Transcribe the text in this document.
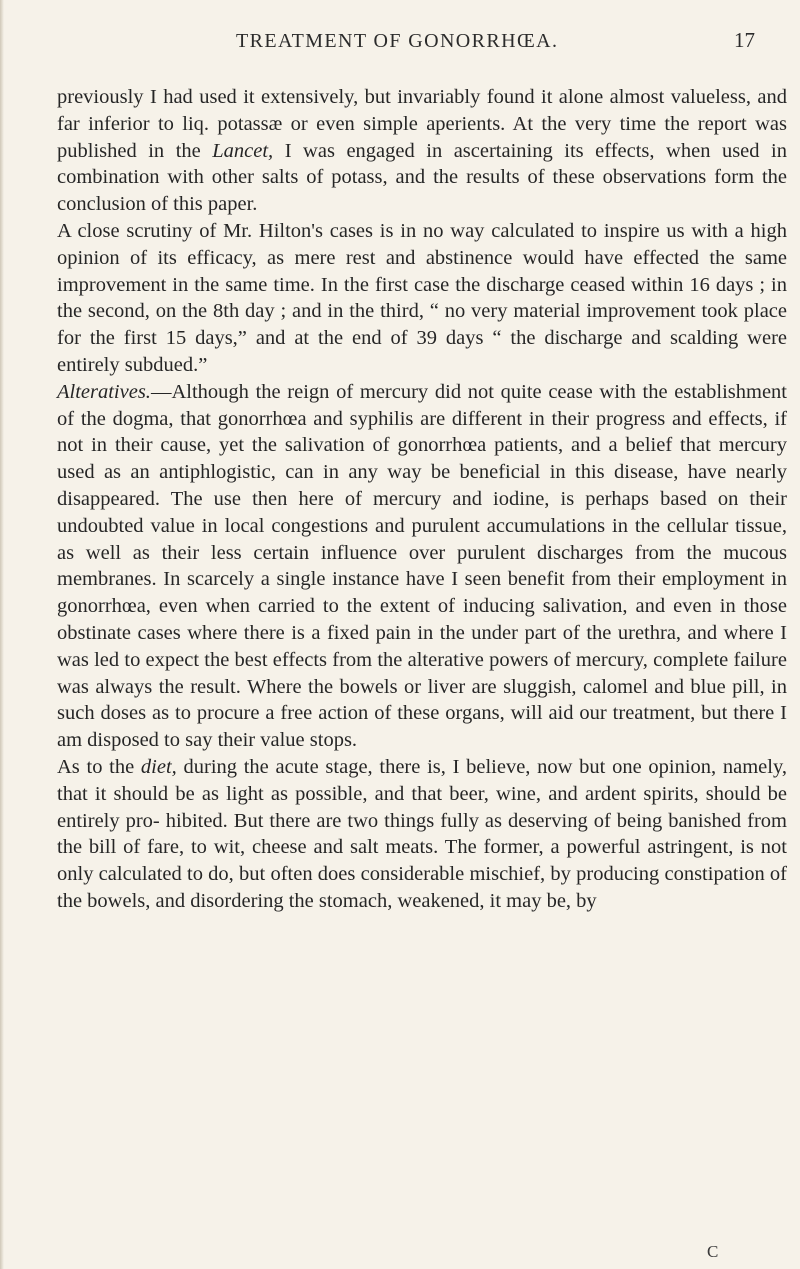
TREATMENT OF GONORRHŒA.	17

previously I had used it extensively, but invariably found it alone almost valueless, and far inferior to liq. potassæ or even simple aperients. At the very time the report was published in the Lancet, I was engaged in ascertaining its effects, when used in combination with other salts of potass, and the results of these observations form the conclusion of this paper.

A close scrutiny of Mr. Hilton's cases is in no way calculated to inspire us with a high opinion of its efficacy, as mere rest and abstinence would have effected the same improvement in the same time. In the first case the discharge ceased within 16 days ; in the second, on the 8th day ; and in the third, “ no very material improvement took place for the first 15 days,” and at the end of 39 days “ the discharge and scalding were entirely subdued.”

Alteratives.—Although the reign of mercury did not quite cease with the establishment of the dogma, that gonorrhœa and syphilis are different in their progress and effects, if not in their cause, yet the salivation of gonorrhœa patients, and a belief that mercury used as an antiphlogistic, can in any way be beneficial in this disease, have nearly disappeared. The use then here of mercury and iodine, is perhaps based on their undoubted value in local congestions and purulent accumulations in the cellular tissue, as well as their less certain influence over purulent discharges from the mucous membranes. In scarcely a single instance have I seen benefit from their employment in gonorrhœa, even when carried to the extent of inducing salivation, and even in those obstinate cases where there is a fixed pain in the under part of the urethra, and where I was led to expect the best effects from the alterative powers of mercury, complete failure was always the result. Where the bowels or liver are sluggish, calomel and blue pill, in such doses as to procure a free action of these organs, will aid our treatment, but there I am disposed to say their value stops.

As to the diet, during the acute stage, there is, I believe, now but one opinion, namely, that it should be as light as possible, and that beer, wine, and ardent spirits, should be entirely pro- hibited. But there are two things fully as deserving of being banished from the bill of fare, to wit, cheese and salt meats. The former, a powerful astringent, is not only calculated to do, but often does considerable mischief, by producing constipation of the bowels, and disordering the stomach, weakened, it may be, by

C
